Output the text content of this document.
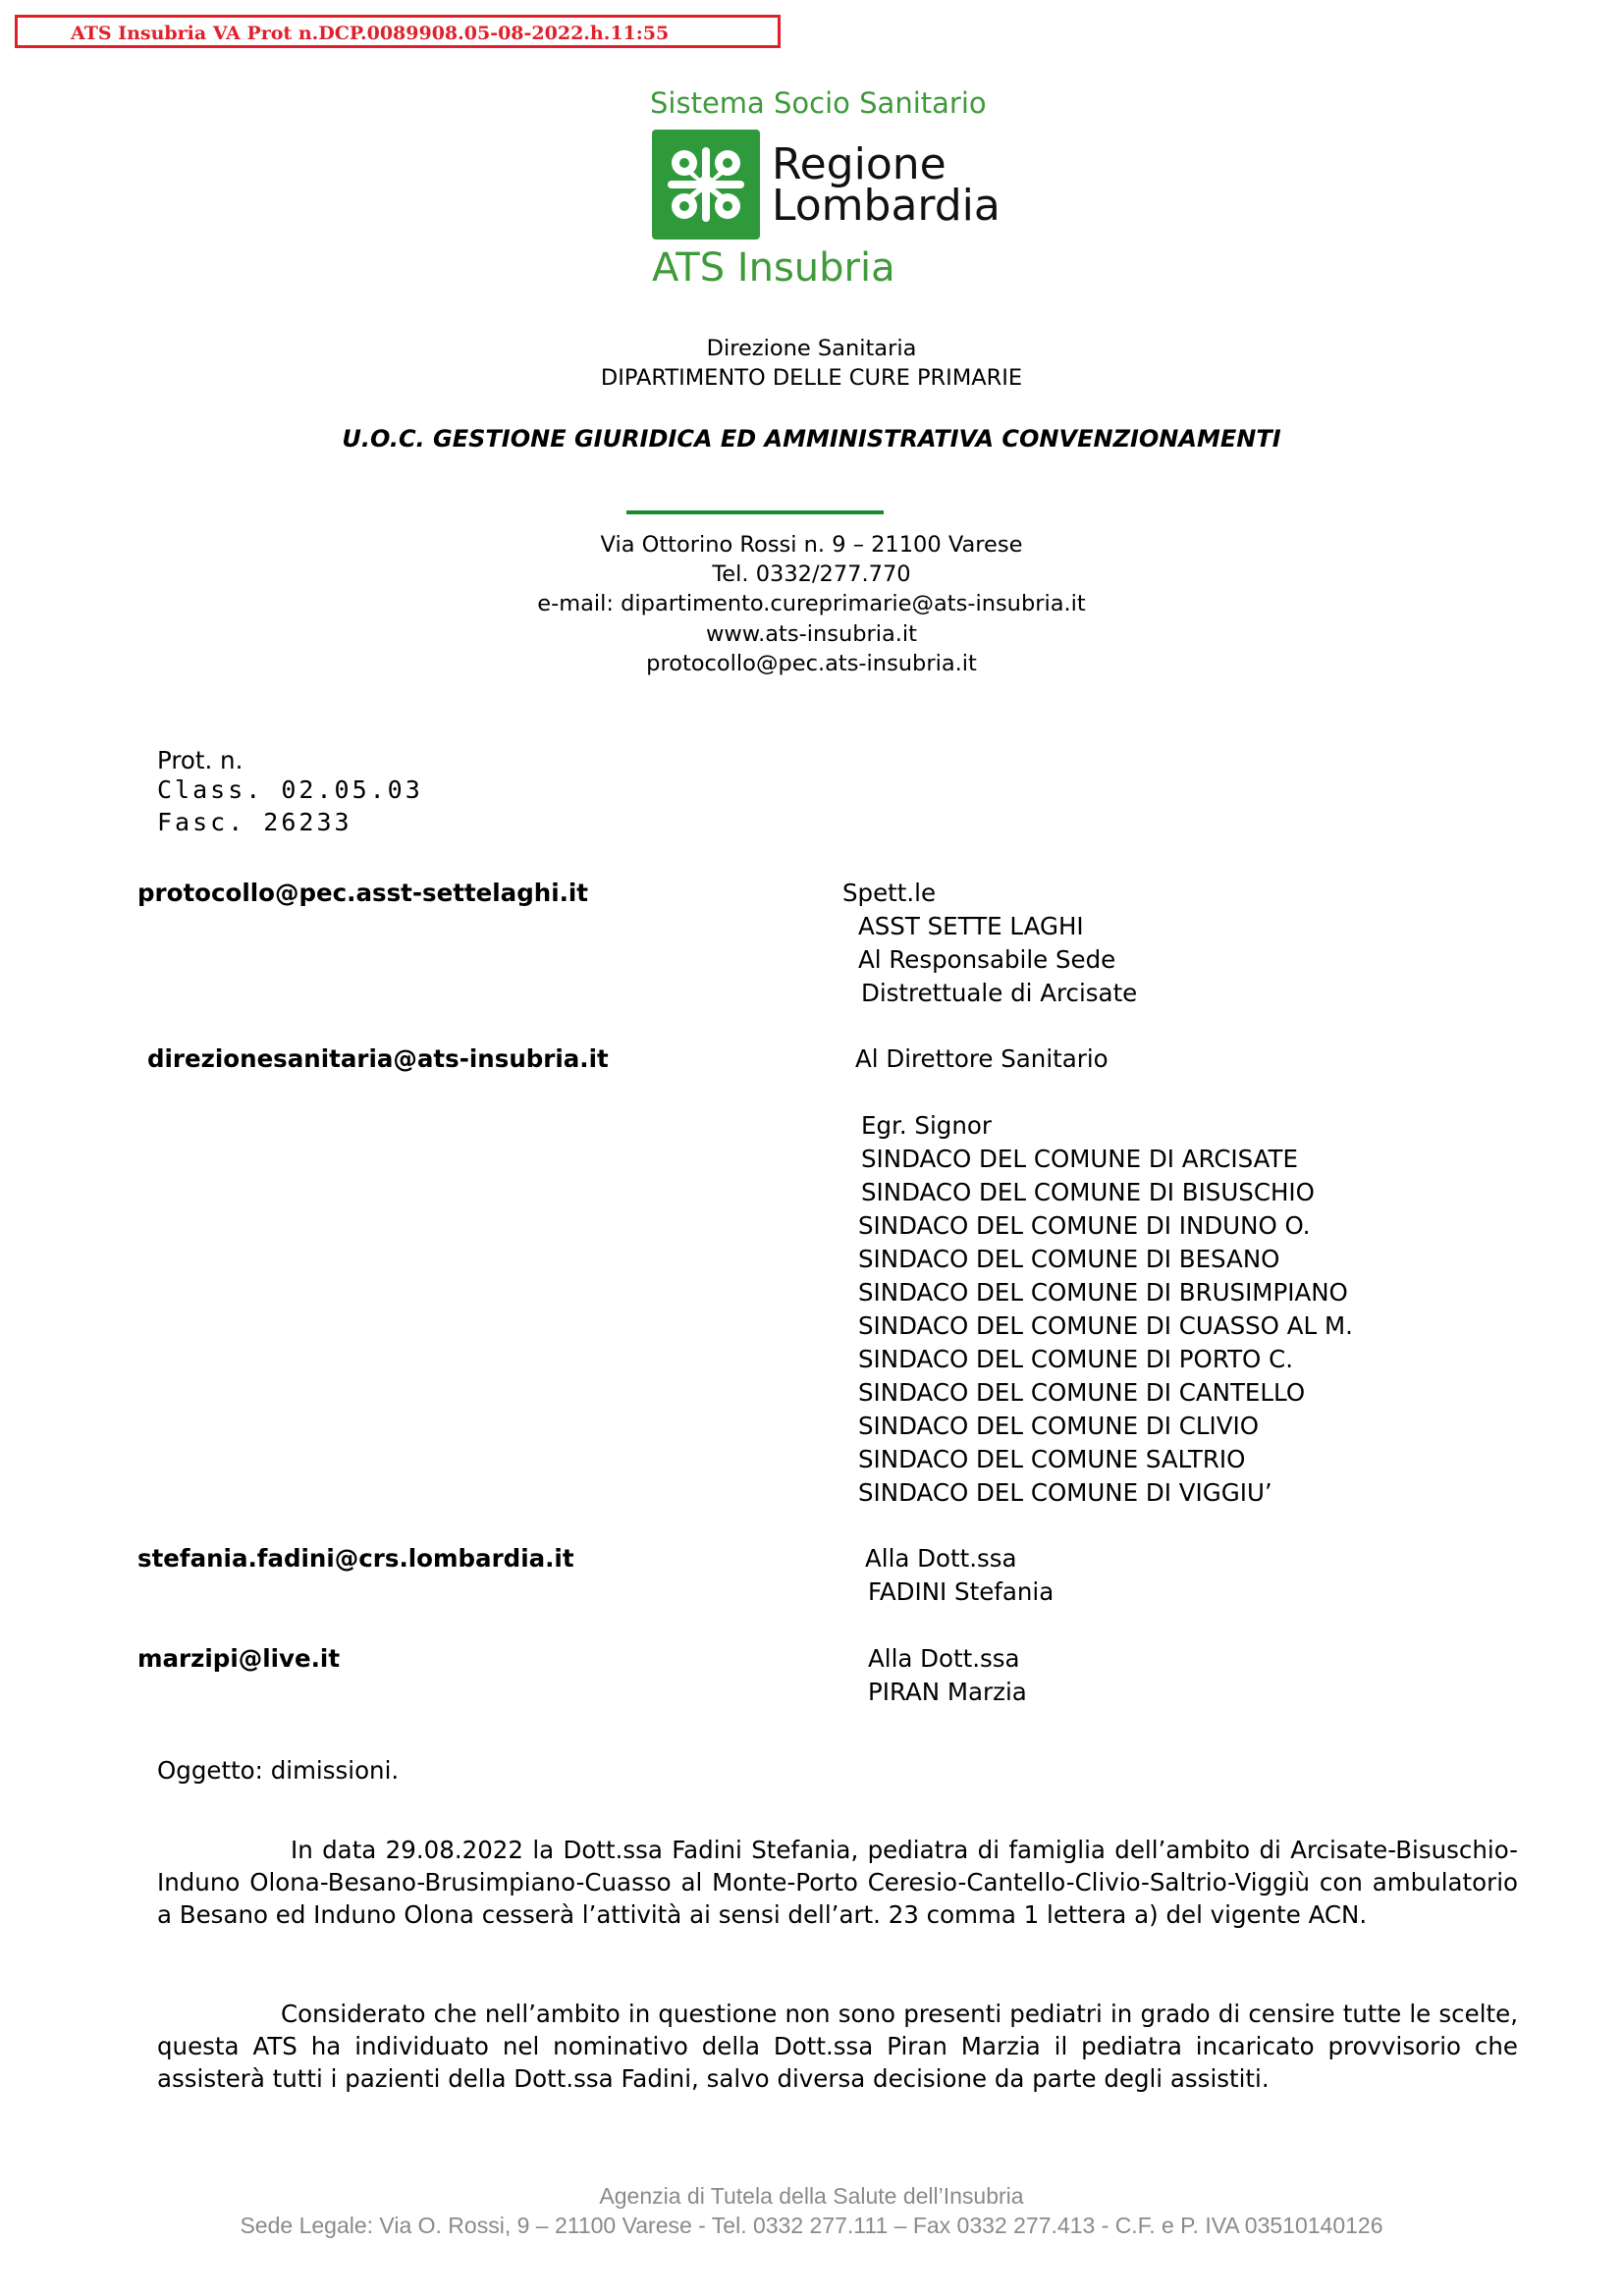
ATS Insubria VA Prot n.DCP.0089908.05-08-2022.h.11:55
Sistema Socio Sanitario
Regione
Lombardia
ATS Insubria
Direzione Sanitaria
DIPARTIMENTO DELLE CURE PRIMARIE
U.O.C. GESTIONE GIURIDICA ED AMMINISTRATIVA CONVENZIONAMENTI
Via Ottorino Rossi n. 9 – 21100 Varese
Tel. 0332/277.770
e-mail: dipartimento.cureprimarie@ats-insubria.it
www.ats-insubria.it
protocollo@pec.ats-insubria.it
Prot. n.
Class. 02.05.03
Fasc. 26233
protocollo@pec.asst-settelaghi.it	Spett.le
ASST SETTE LAGHI
Al Responsabile Sede
Distrettuale di Arcisate
direzionesanitaria@ats-insubria.it	Al Direttore Sanitario
Egr. Signor
SINDACO DEL COMUNE DI ARCISATE
SINDACO DEL COMUNE DI BISUSCHIO
SINDACO DEL COMUNE DI INDUNO O.
SINDACO DEL COMUNE DI BESANO
SINDACO DEL COMUNE DI BRUSIMPIANO
SINDACO DEL COMUNE DI CUASSO AL M.
SINDACO DEL COMUNE DI PORTO C.
SINDACO DEL COMUNE DI CANTELLO
SINDACO DEL COMUNE DI CLIVIO
SINDACO DEL COMUNE SALTRIO
SINDACO DEL COMUNE DI VIGGIU’
stefania.fadini@crs.lombardia.it	Alla Dott.ssa
FADINI Stefania
marzipi@live.it	Alla Dott.ssa
PIRAN Marzia
Oggetto: dimissioni.
In data 29.08.2022 la Dott.ssa Fadini Stefania, pediatra di famiglia dell’ambito di Arcisate-Bisuschio-Induno Olona-Besano-Brusimpiano-Cuasso al Monte-Porto Ceresio-Cantello-Clivio-Saltrio-Viggiù con ambulatorio a Besano ed Induno Olona cesserà l’attività ai sensi dell’art. 23 comma 1 lettera a) del vigente ACN.
Considerato che nell’ambito in questione non sono presenti pediatri in grado di censire tutte le scelte, questa ATS ha individuato nel nominativo della Dott.ssa Piran Marzia il pediatra incaricato provvisorio che assisterà tutti i pazienti della Dott.ssa Fadini, salvo diversa decisione da parte degli assistiti.
Agenzia di Tutela della Salute dell’Insubria
Sede Legale: Via O. Rossi, 9 – 21100 Varese - Tel. 0332 277.111 – Fax 0332 277.413 - C.F. e P. IVA 03510140126
